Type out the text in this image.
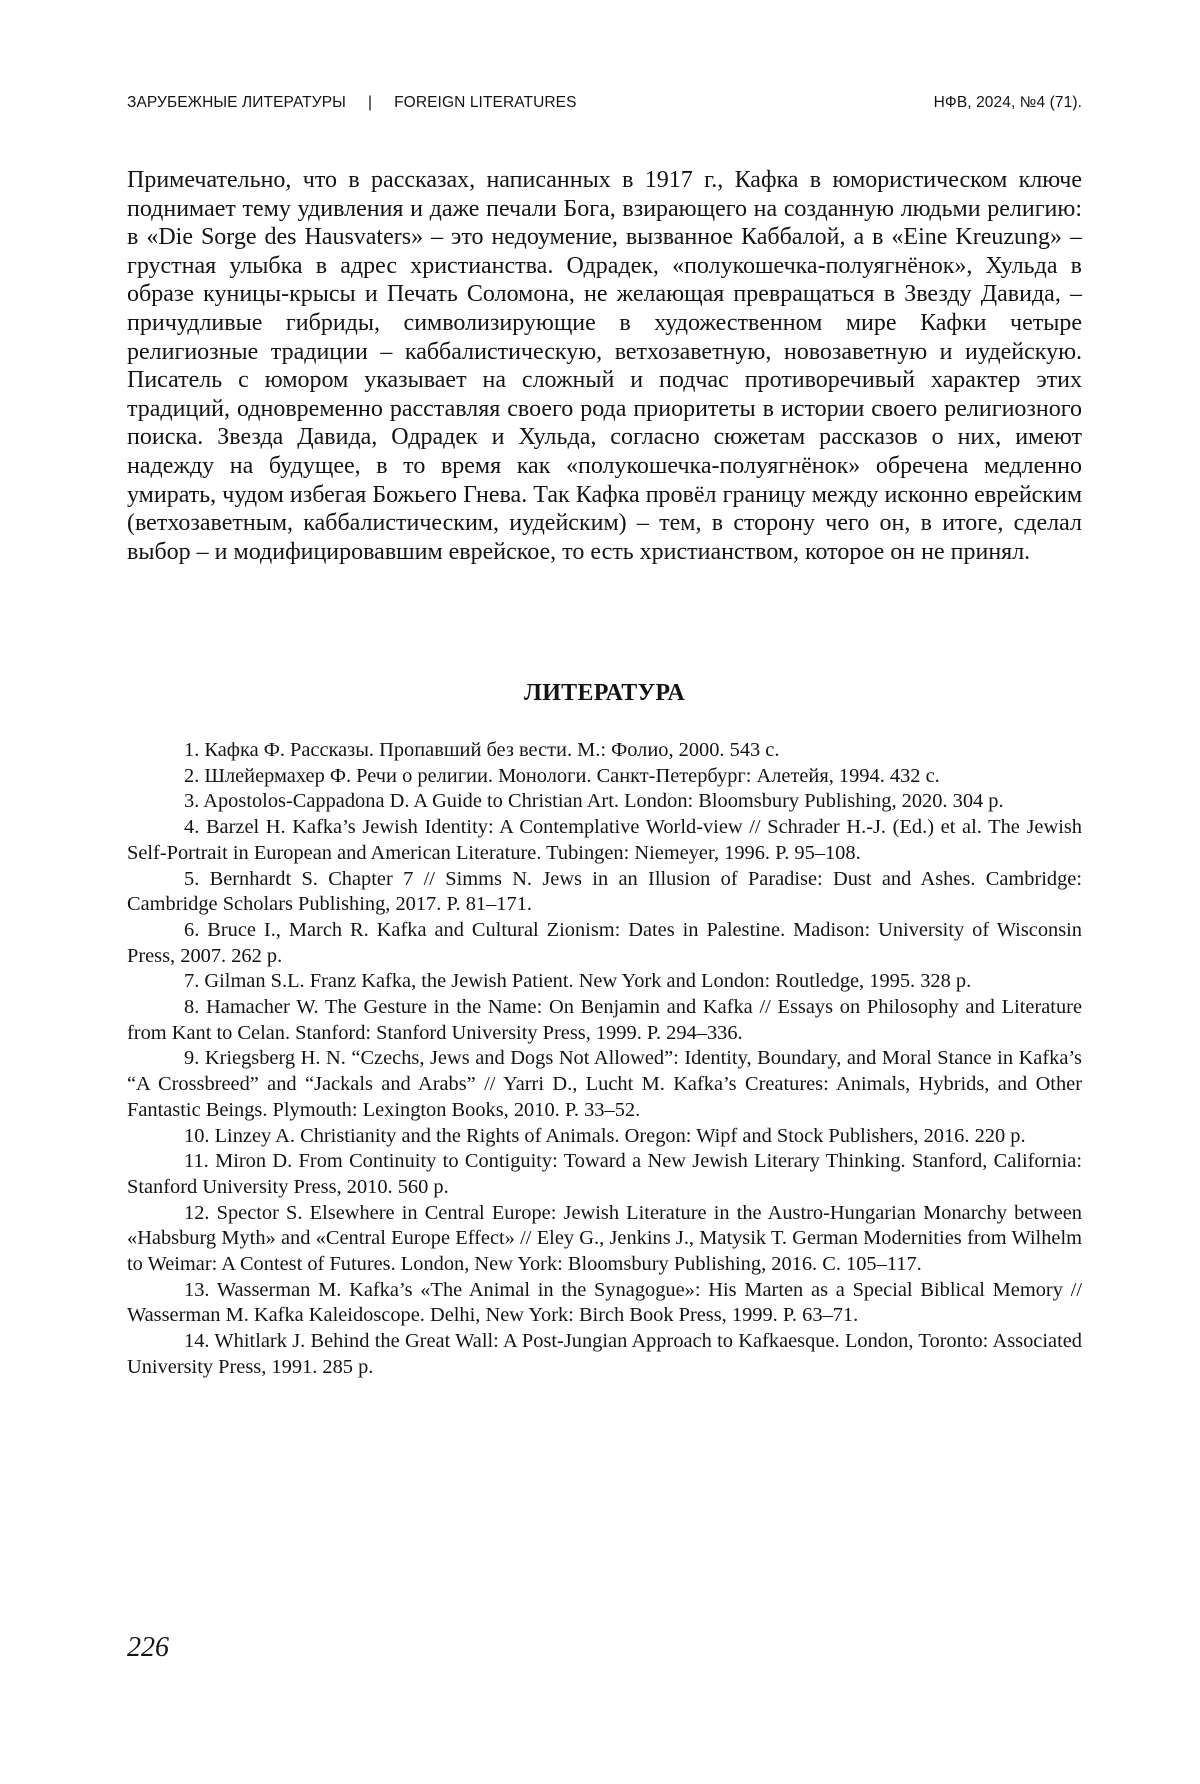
ЗАРУБЕЖНЫЕ ЛИТЕРАТУРЫ | FOREIGN LITERATURES	НФВ, 2024, №4 (71).

Примечательно, что в рассказах, написанных в 1917 г., Кафка в юмористическом ключе поднимает тему удивления и даже печали Бога, взирающего на созданную людьми религию: в «Die Sorge des Hausvaters» – это недоумение, вызванное Каббалой, а в «Eine Kreuzung» – грустная улыбка в адрес христианства. Одрадек, «полукошечка-полуягнёнок», Хульда в образе куницы-крысы и Печать Соломона, не желающая превращаться в Звезду Давида, – причудливые гибриды, символизирующие в художественном мире Кафки четыре религиозные традиции – каббалистическую, ветхозаветную, новозаветную и иудейскую. Писатель с юмором указывает на сложный и подчас противоречивый характер этих традиций, одновременно расставляя своего рода приоритеты в истории своего религиозного поиска. Звезда Давида, Одрадек и Хульда, согласно сюжетам рассказов о них, имеют надежду на будущее, в то время как «полукошечка-полуягнёнок» обречена медленно умирать, чудом избегая Божьего Гнева. Так Кафка провёл границу между исконно еврейским (ветхозаветным, каббалистическим, иудейским) – тем, в сторону чего он, в итоге, сделал выбор – и модифицировавшим еврейское, то есть христианством, которое он не принял.

ЛИТЕРАТУРА
1. Кафка Ф. Рассказы. Пропавший без вести. М.: Фолио, 2000. 543 с.
2. Шлейермахер Ф. Речи о религии. Монологи. Санкт-Петербург: Алетейя, 1994. 432 с.
3. Apostolos-Cappadona D. A Guide to Christian Art. London: Bloomsbury Publishing, 2020. 304 p.
4. Barzel H. Kafka’s Jewish Identity: A Contemplative World-view // Schrader H.-J. (Ed.) et al. The Jewish Self-Portrait in European and American Literature. Tubingen: Niemeyer, 1996. P. 95–108.
5. Bernhardt S. Chapter 7 // Simms N. Jews in an Illusion of Paradise: Dust and Ashes. Cambridge: Cambridge Scholars Publishing, 2017. P. 81–171.
6. Bruce I., March R. Kafka and Cultural Zionism: Dates in Palestine. Madison: University of Wisconsin Press, 2007. 262 p.
7. Gilman S.L. Franz Kafka, the Jewish Patient. New York and London: Routledge, 1995. 328 p.
8. Hamacher W. The Gesture in the Name: On Benjamin and Kafka // Essays on Philosophy and Literature from Kant to Celan. Stanford: Stanford University Press, 1999. P. 294–336.
9. Kriegsberg H. N. “Czechs, Jews and Dogs Not Allowed”: Identity, Boundary, and Moral Stance in Kafka’s “A Crossbreed” and “Jackals and Arabs” // Yarri D., Lucht M. Kafka’s Creatures: Animals, Hybrids, and Other Fantastic Beings. Plymouth: Lexington Books, 2010. P. 33–52.
10. Linzey A. Christianity and the Rights of Animals. Oregon: Wipf and Stock Publishers, 2016. 220 p.
11. Miron D. From Continuity to Contiguity: Toward a New Jewish Literary Thinking. Stanford, California: Stanford University Press, 2010. 560 p.
12. Spector S. Elsewhere in Central Europe: Jewish Literature in the Austro-Hungarian Monarchy between «Habsburg Myth» and «Central Europe Effect» // Eley G., Jenkins J., Matysik T. German Modernities from Wilhelm to Weimar: A Contest of Futures. London, New York: Bloomsbury Publishing, 2016. С. 105–117.
13. Wasserman M. Kafka’s «The Animal in the Synagogue»: His Marten as a Special Biblical Memory // Wasserman M. Kafka Kaleidoscope. Delhi, New York: Birch Book Press, 1999. P. 63–71.
14. Whitlark J. Behind the Great Wall: A Post-Jungian Approach to Kafkaesque. London, Toronto: Associated University Press, 1991. 285 p.
226
